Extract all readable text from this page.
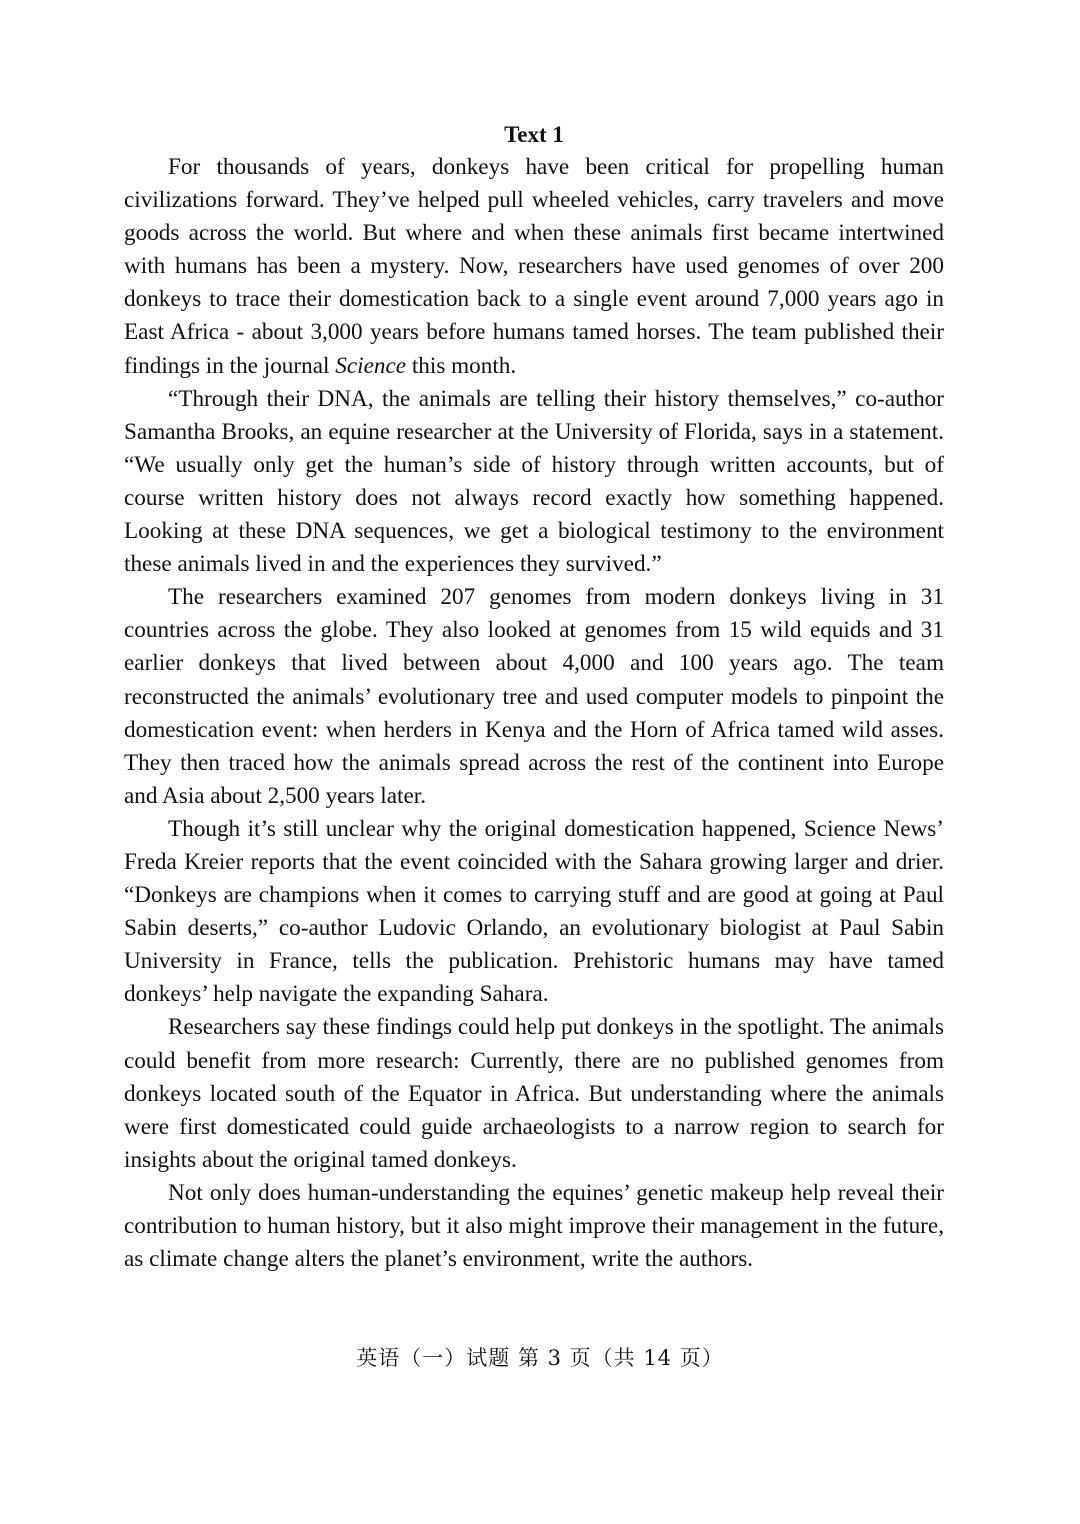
Text 1

For thousands of years, donkeys have been critical for propelling human civilizations forward. They’ve helped pull wheeled vehicles, carry travelers and move goods across the world. But where and when these animals first became intertwined with humans has been a mystery. Now, researchers have used genomes of over 200 donkeys to trace their domestication back to a single event around 7,000 years ago in East Africa - about 3,000 years before humans tamed horses. The team published their findings in the journal Science this month.

“Through their DNA, the animals are telling their history themselves,” co-author Samantha Brooks, an equine researcher at the University of Florida, says in a statement. “We usually only get the human’s side of history through written accounts, but of course written history does not always record exactly how something happened. Looking at these DNA sequences, we get a biological testimony to the environment these animals lived in and the experiences they survived.”

The researchers examined 207 genomes from modern donkeys living in 31 countries across the globe. They also looked at genomes from 15 wild equids and 31 earlier donkeys that lived between about 4,000 and 100 years ago. The team reconstructed the animals’ evolutionary tree and used computer models to pinpoint the domestication event: when herders in Kenya and the Horn of Africa tamed wild asses. They then traced how the animals spread across the rest of the continent into Europe and Asia about 2,500 years later.

Though it’s still unclear why the original domestication happened, Science News’ Freda Kreier reports that the event coincided with the Sahara growing larger and drier. “Donkeys are champions when it comes to carrying stuff and are good at going at Paul Sabin deserts,” co-author Ludovic Orlando, an evolutionary biologist at Paul Sabin University in France, tells the publication. Prehistoric humans may have tamed donkeys’ help navigate the expanding Sahara.

Researchers say these findings could help put donkeys in the spotlight. The animals could benefit from more research: Currently, there are no published genomes from donkeys located south of the Equator in Africa. But understanding where the animals were first domesticated could guide archaeologists to a narrow region to search for insights about the original tamed donkeys.

Not only does human-understanding the equines’ genetic makeup help reveal their contribution to human history, but it also might improve their management in the future, as climate change alters the planet’s environment, write the authors.

英语（一）试题 第 3 页（共 14 页）
